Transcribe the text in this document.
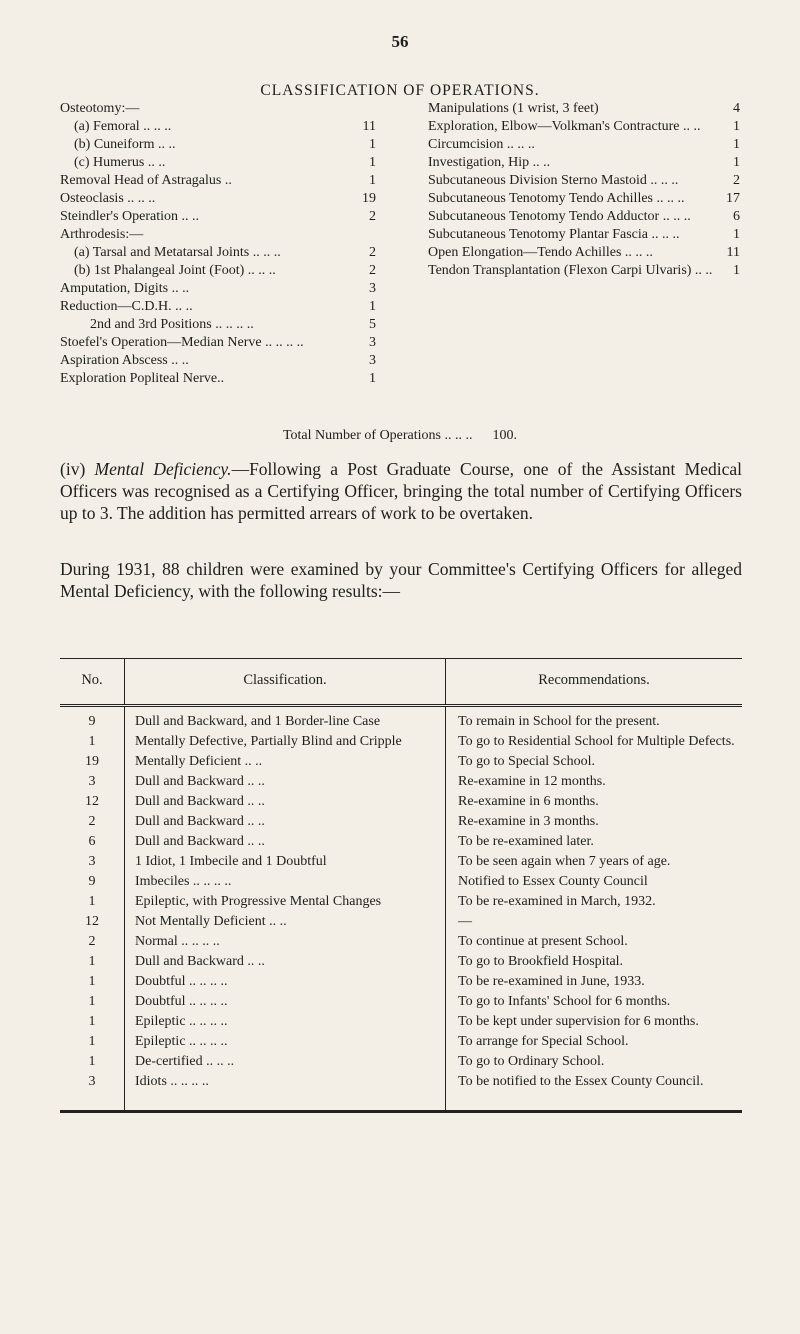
56
CLASSIFICATION OF OPERATIONS.
Osteotomy:—
(a) Femoral .. .. ..	11
(b) Cuneiform .. ..	1
(c) Humerus .. ..	1
Removal Head of Astragalus ..	1
Osteoclasis .. .. ..	19
Steindler's Operation .. ..	2
Arthrodesis:—
(a) Tarsal and Metatarsal Joints .. .. ..	2
(b) 1st Phalangeal Joint (Foot) .. .. ..	2
Amputation, Digits .. ..	3
Reduction—C.D.H. .. ..	1
2nd and 3rd Positions .. .. .. ..	5
Stoefel's Operation—Median Nerve .. .. .. ..	3
Aspiration Abscess .. ..	3
Exploration Popliteal Nerve..	1
Manipulations (1 wrist, 3 feet)	4
Exploration, Elbow—Volkman's Contracture .. ..	1
Circumcision .. .. ..	1
Investigation, Hip .. ..	1
Subcutaneous Division Sterno Mastoid .. .. ..	2
Subcutaneous Tenotomy Tendo Achilles .. .. ..	17
Subcutaneous Tenotomy Tendo Adductor .. .. ..	6
Subcutaneous Tenotomy Plantar Fascia .. .. ..	1
Open Elongation—Tendo Achilles .. .. ..	11
Tendon Transplantation (Flexon Carpi Ulvaris) .. ..	1
Total Number of Operations .. .. .. 100.
(iv) Mental Deficiency.—Following a Post Graduate Course, one of the Assistant Medical Officers was recognised as a Certifying Officer, bringing the total number of Certifying Officers up to 3. The addition has permitted arrears of work to be overtaken.
During 1931, 88 children were examined by your Committee's Certifying Officers for alleged Mental Deficiency, with the following results:—
No.	Classification.	Recommendations.
9	Dull and Backward, and 1 Border-line Case	To remain in School for the present.
1	Mentally Defective, Partially Blind and Cripple	To go to Residential School for Multiple Defects.
19	Mentally Deficient .. ..	To go to Special School.
3	Dull and Backward .. ..	Re-examine in 12 months.
12	Dull and Backward .. ..	Re-examine in 6 months.
2	Dull and Backward .. ..	Re-examine in 3 months.
6	Dull and Backward .. ..	To be re-examined later.
3	1 Idiot, 1 Imbecile and 1 Doubtful	To be seen again when 7 years of age.
9	Imbeciles .. .. .. ..	Notified to Essex County Council
1	Epileptic, with Progressive Mental Changes	To be re-examined in March, 1932.
12	Not Mentally Deficient .. ..	—
2	Normal .. .. .. ..	To continue at present School.
1	Dull and Backward .. ..	To go to Brookfield Hospital.
1	Doubtful .. .. .. ..	To be re-examined in June, 1933.
1	Doubtful .. .. .. ..	To go to Infants' School for 6 months.
1	Epileptic .. .. .. ..	To be kept under supervision for 6 months.
1	Epileptic .. .. .. ..	To arrange for Special School.
1	De-certified .. .. ..	To go to Ordinary School.
3	Idiots .. .. .. ..	To be notified to the Essex County Council.
